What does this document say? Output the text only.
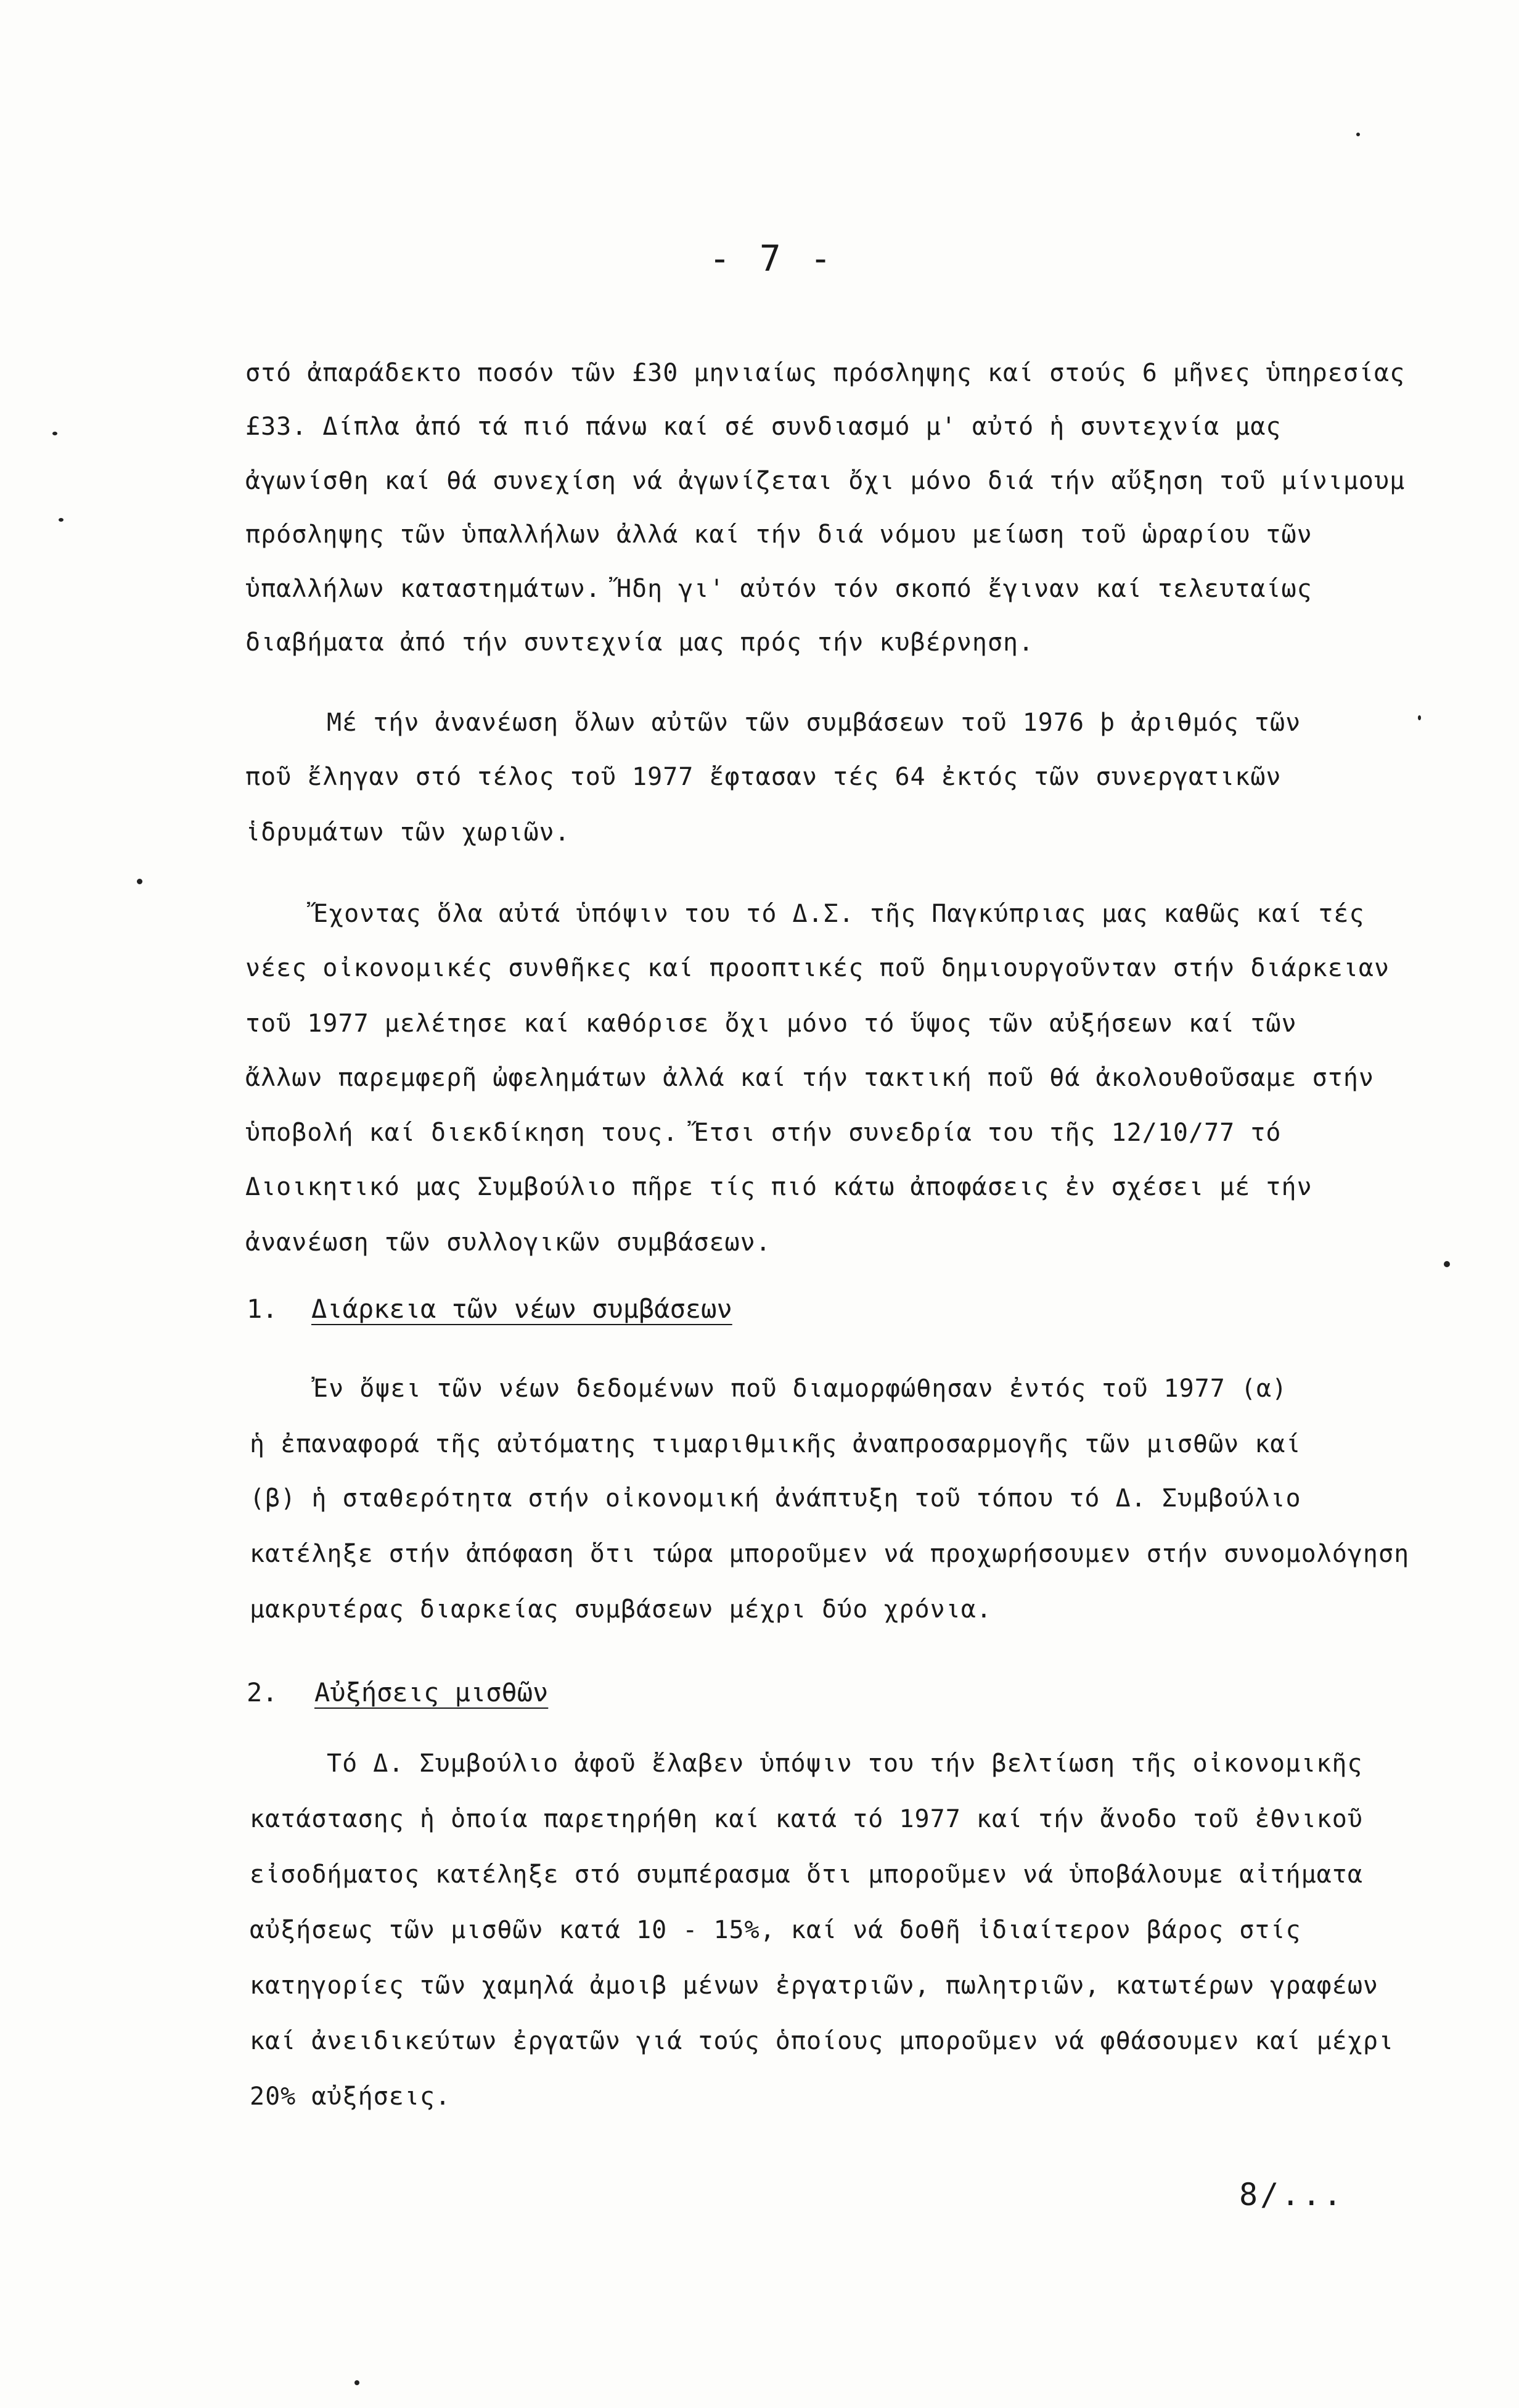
- 7 -
στό ἀπαράδεκτο ποσόν τῶν £30 μηνιαίως πρόσληψης καί στούς 6 μῆνες ὑπηρεσίας
£33. Δίπλα ἀπό τά πιό πάνω καί σέ συνδιασμό μ' αὐτό ἡ συντεχνία μας
ἀγωνίσθη καί θά συνεχίση νά ἀγωνίζεται ὄχι μόνο διά τήν αὔξηση τοῦ μίνιμουμ
πρόσληψης τῶν ὑπαλλήλων ἀλλά καί τήν διά νόμου μείωση τοῦ ὡραρίου τῶν
ὑπαλλήλων καταστημάτων. Ἤδη γι' αὐτόν τόν σκοπό ἔγιναν καί τελευταίως
διαβήματα ἀπό τήν συντεχνία μας πρός τήν κυβέρνηση.
Μέ τήν ἀνανέωση ὅλων αὐτῶν τῶν συμβάσεων τοῦ 1976 þ ἀριθμός τῶν
ποῦ ἔληγαν στό τέλος τοῦ 1977 ἔφτασαν τές 64 ἐκτός τῶν συνεργατικῶν
ἱδρυμάτων τῶν χωριῶν.
Ἔχοντας ὅλα αὐτά ὑπόψιν του τό Δ.Σ. τῆς Παγκύπριας μας καθῶς καί τές
νέες οἰκονομικές συνθῆκες καί προοπτικές ποῦ δημιουργοῦνταν στήν διάρκειαν
τοῦ 1977 μελέτησε καί καθόρισε ὄχι μόνο τό ὕψος τῶν αὐξήσεων καί τῶν
ἄλλων παρεμφερῆ ὠφελημάτων ἀλλά καί τήν τακτική ποῦ θά ἀκολουθοῦσαμε στήν
ὑποβολή καί διεκδίκηση τους. Ἔτσι στήν συνεδρία του τῆς 12/10/77 τό
Διοικητικό μας Συμβούλιο πῆρε τίς πιό κάτω ἀποφάσεις ἐν σχέσει μέ τήν
ἀνανέωση τῶν συλλογικῶν συμβάσεων.
1. Διάρκεια τῶν νέων συμβάσεων
Ἐν ὄψει τῶν νέων δεδομένων ποῦ διαμορφώθησαν ἐντός τοῦ 1977 (α)
ἡ ἐπαναφορά τῆς αὐτόματης τιμαριθμικῆς ἀναπροσαρμογῆς τῶν μισθῶν καί
(β) ἡ σταθερότητα στήν οἰκονομική ἀνάπτυξη τοῦ τόπου τό Δ. Συμβούλιο
κατέληξε στήν ἀπόφαση ὅτι τώρα μποροῦμεν νά προχωρήσουμεν στήν συνομολόγηση
μακρυτέρας διαρκείας συμβάσεων μέχρι δύο χρόνια.
2. Αὐξήσεις μισθῶν
Τό Δ. Συμβούλιο ἀφοῦ ἔλαβεν ὑπόψιν του τήν βελτίωση τῆς οἰκονομικῆς
κατάστασης ἡ ὁποία παρετηρήθη καί κατά τό 1977 καί τήν ἄνοδο τοῦ ἐθνικοῦ
εἰσοδήματος κατέληξε στό συμπέρασμα ὅτι μποροῦμεν νά ὑποβάλουμε αἰτήματα
αὐξήσεως τῶν μισθῶν κατά 10 - 15%, καί νά δοθῆ ἰδιαίτερον βάρος στίς
κατηγορίες τῶν χαμηλά ἀμοιβ μένων ἐργατριῶν, πωλητριῶν, κατωτέρων γραφέων
καί ἀνειδικεύτων ἐργατῶν γιά τούς ὁποίους μποροῦμεν νά φθάσουμεν καί μέχρι
20% αὐξήσεις.
8/...
